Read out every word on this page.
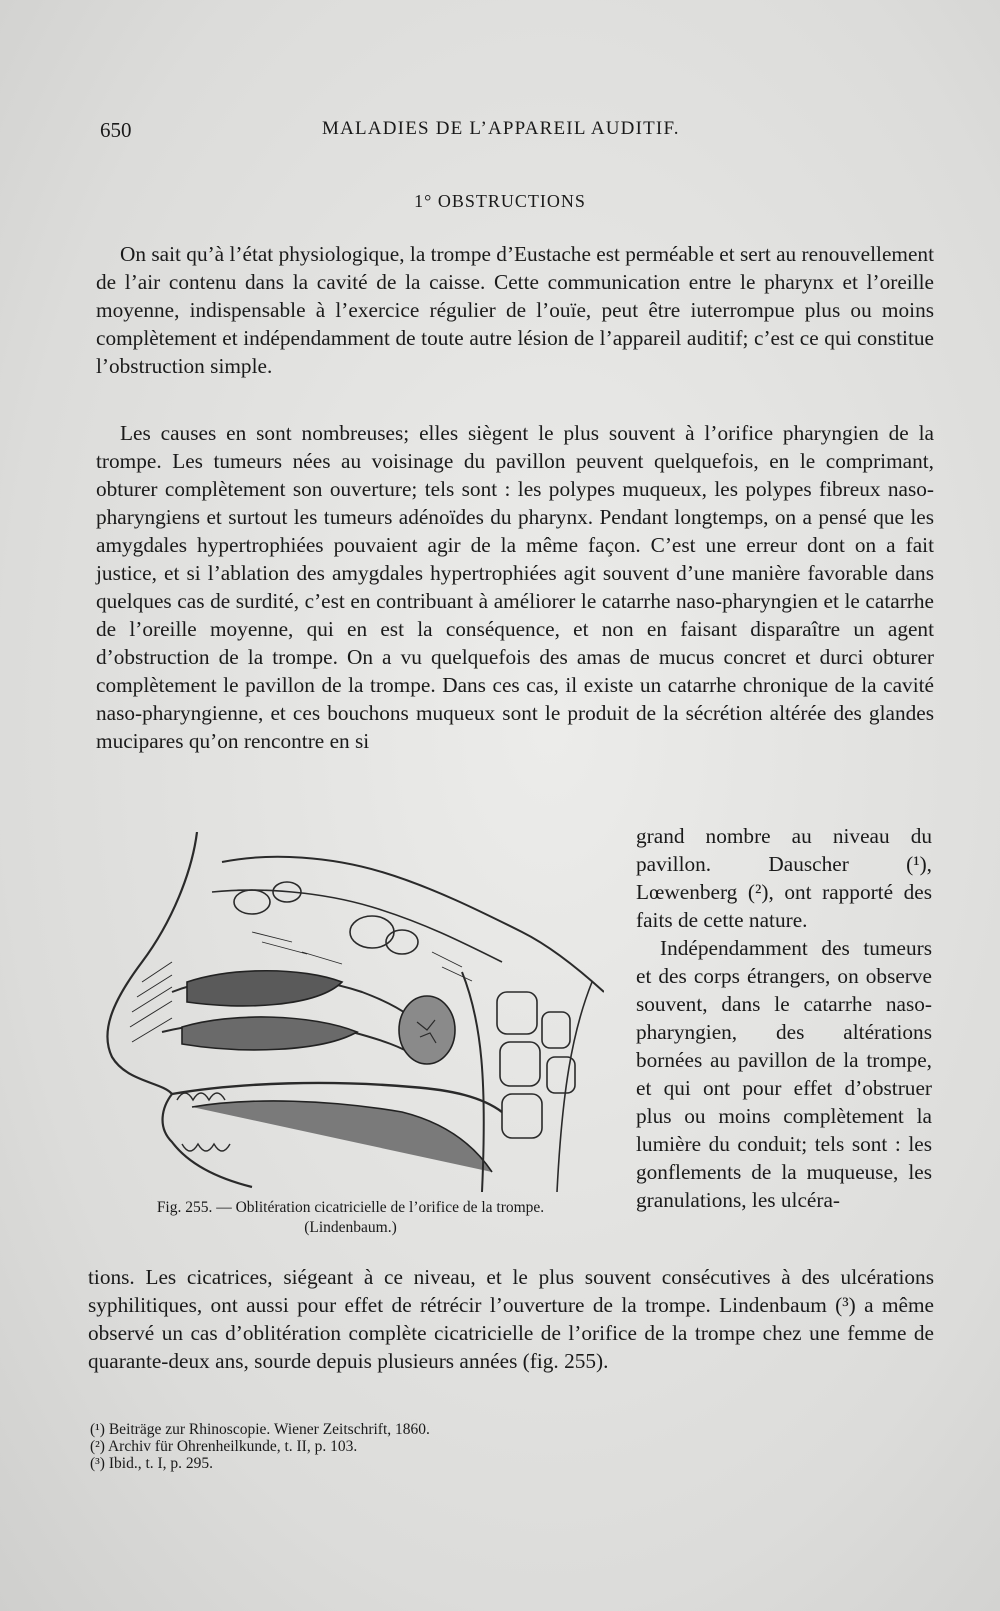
650	MALADIES DE L’APPAREIL AUDITIF.
1° OBSTRUCTIONS

On sait qu’à l’état physiologique, la trompe d’Eustache est perméable et sert au renouvellement de l’air contenu dans la cavité de la caisse. Cette communication entre le pharynx et l’oreille moyenne, indispensable à l’exercice régulier de l’ouïe, peut être iuterrompue plus ou moins complètement et indépendamment de toute autre lésion de l’appareil auditif; c’est ce qui constitue l’obstruction simple.

Les causes en sont nombreuses; elles siègent le plus souvent à l’orifice pharyngien de la trompe. Les tumeurs nées au voisinage du pavillon peuvent quelquefois, en le comprimant, obturer complètement son ouverture; tels sont : les polypes muqueux, les polypes fibreux naso-pharyngiens et surtout les tumeurs adénoïdes du pharynx. Pendant longtemps, on a pensé que les amygdales hypertrophiées pouvaient agir de la même façon. C’est une erreur dont on a fait justice, et si l’ablation des amygdales hypertrophiées agit souvent d’une manière favorable dans quelques cas de surdité, c’est en contribuant à améliorer le catarrhe naso-pharyngien et le catarrhe de l’oreille moyenne, qui en est la conséquence, et non en faisant disparaître un agent d’obstruction de la trompe. On a vu quelquefois des amas de mucus concret et durci obturer complètement le pavillon de la trompe. Dans ces cas, il existe un catarrhe chronique de la cavité naso-pharyngienne, et ces bouchons muqueux sont le produit de la sécrétion altérée des glandes mucipares qu’on rencontre en si

Fig. 255. — Oblitération cicatricielle de l’orifice de la trompe.
(Lindenbaum.)

grand nombre au niveau du pavillon. Dauscher (¹), Lœwenberg (²), ont rapporté des faits de cette nature.

Indépendamment des tumeurs et des corps étrangers, on observe souvent, dans le catarrhe naso-pharyngien, des altérations bornées au pavillon de la trompe, et qui ont pour effet d’obstruer plus ou moins complètement la lumière du conduit; tels sont : les gonflements de la muqueuse, les granulations, les ulcéra-

tions. Les cicatrices, siégeant à ce niveau, et le plus souvent consécutives à des ulcérations syphilitiques, ont aussi pour effet de rétrécir l’ouverture de la trompe. Lindenbaum (³) a même observé un cas d’oblitération complète cicatricielle de l’orifice de la trompe chez une femme de quarante-deux ans, sourde depuis plusieurs années (fig. 255).

(¹) Beiträge zur Rhinoscopie. Wiener Zeitschrift, 1860.
(²) Archiv für Ohrenheilkunde, t. II, p. 103.
(³) Ibid., t. I, p. 295.
